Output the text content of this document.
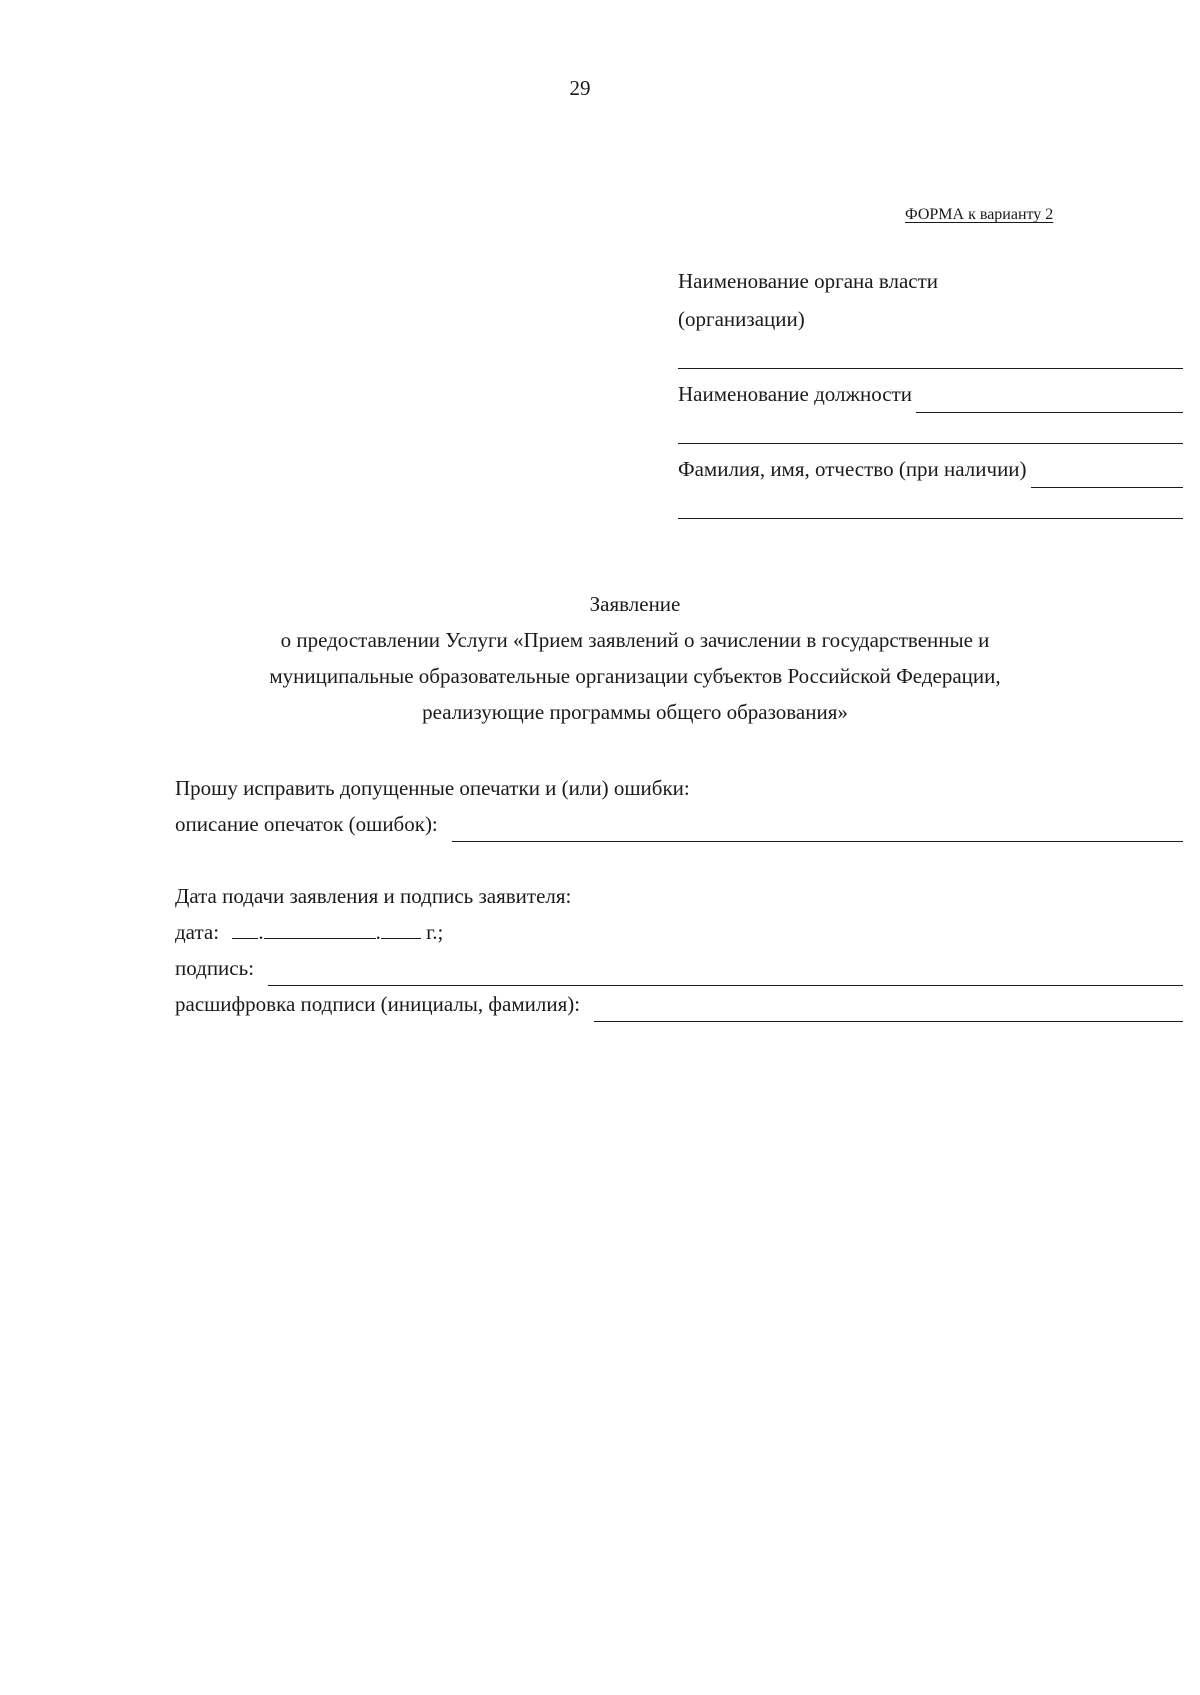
29
ФОРМА к варианту 2
Наименование органа власти
(организации)
Наименование должности
Фамилия, имя, отчество (при наличии)
Заявление
о предоставлении Услуги «Прием заявлений о зачислении в государственные и
муниципальные образовательные организации субъектов Российской Федерации,
реализующие программы общего образования»
Прошу исправить допущенные опечатки и (или) ошибки:
описание опечаток (ошибок):
Дата подачи заявления и подпись заявителя:
дата: .	. г.;
подпись:
расшифровка подписи (инициалы, фамилия):
